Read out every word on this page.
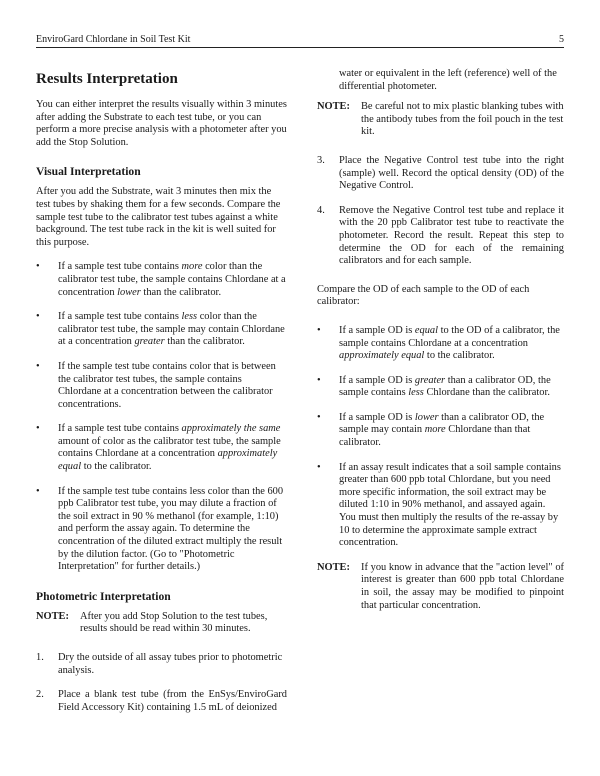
EnviroGard Chlordane in Soil Test Kit	5
Results Interpretation

You can either interpret the results visually within 3 minutes after adding the Substrate to each test tube, or you can perform a more precise analysis with a photometer after you add the Stop Solution.

Visual Interpretation

After you add the Substrate, wait 3 minutes then mix the test tubes by shaking them for a few seconds. Compare the sample test tube to the calibrator test tubes against a white background. The test tube rack in the kit is well suited for this purpose.

•	If a sample test tube contains more color than the calibrator test tube, the sample contains Chlordane at a concentration lower than the calibrator.
•	If a sample test tube contains less color than the calibrator test tube, the sample may contain Chlordane at a concentration greater than the calibrator.
•	If the sample test tube contains color that is between the calibrator test tubes, the sample contains Chlordane at a concentration between the calibrator concentrations.
•	If a sample test tube contains approximately the same amount of color as the calibrator test tube, the sample contains Chlordane at a concentration approximately equal to the calibrator.
•	If the sample test tube contains less color than the 600 ppb Calibrator test tube, you may dilute a fraction of the soil extract in 90 % methanol (for example, 1:10) and perform the assay again. To determine the concentration of the diluted extract multiply the result by the dilution factor. (Go to "Photometric Interpretation" for further details.)
Photometric Interpretation
NOTE:	After you add Stop Solution to the test tubes, results should be read within 30 minutes.
1.	Dry the outside of all assay tubes prior to photometric analysis.
2.	Place a blank test tube (from the EnSys/EnviroGard Field Accessory Kit) containing 1.5 mL of deionized
water or equivalent in the left (reference) well of the differential photometer.
NOTE:	Be careful not to mix plastic blanking tubes with the antibody tubes from the foil pouch in the test kit.
3.	Place the Negative Control test tube into the right (sample) well. Record the optical density (OD) of the Negative Control.
4.	Remove the Negative Control test tube and replace it with the 20 ppb Calibrator test tube to reactivate the photometer. Record the result. Repeat this step to determine the OD for each of the remaining calibrators and for each sample.

Compare the OD of each sample to the OD of each calibrator:

•	If a sample OD is equal to the OD of a calibrator, the sample contains Chlordane at a concentration approximately equal to the calibrator.
•	If a sample OD is greater than a calibrator OD, the sample contains less Chlordane than the calibrator.
•	If a sample OD is lower than a calibrator OD, the sample may contain more Chlordane than that calibrator.
•	If an assay result indicates that a soil sample contains greater than 600 ppb total Chlordane, but you need more specific information, the soil extract may be diluted 1:10 in 90% methanol, and assayed again. You must then multiply the results of the re-assay by 10 to determine the approximate sample extract concentration.
NOTE:	If you know in advance that the "action level" of interest is greater than 600 ppb total Chlordane in soil, the assay may be modified to pinpoint that particular concentration.
